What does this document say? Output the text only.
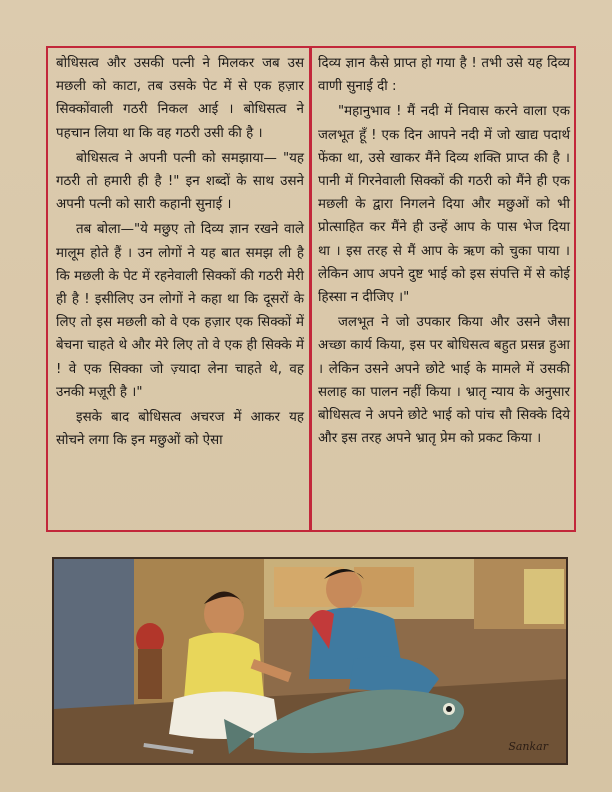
बोधिसत्व और उसकी पत्नी ने मिलकर जब उस मछली को काटा, तब उसके पेट में से एक हज़ार सिक्कोंवाली गठरी निकल आई । बोधिसत्व ने पहचान लिया था कि वह गठरी उसी की है ।

बोधिसत्व ने अपनी पत्नी को समझाया— "यह गठरी तो हमारी ही है !" इन शब्दों के साथ उसने अपनी पत्नी को सारी कहानी सुनाई ।

तब बोला—"ये मछुए तो दिव्य ज्ञान रखने वाले मालूम होते हैं । उन लोगों ने यह बात समझ ली है कि मछली के पेट में रहनेवाली सिक्कों की गठरी मेरी ही है ! इसीलिए उन लोगों ने कहा था कि दूसरों के लिए तो इस मछली को वे एक हज़ार एक सिक्कों में बेचना चाहते थे और मेरे लिए तो वे एक ही सिक्के में ! वे एक सिक्का जो ज़्यादा लेना चाहते थे, वह उनकी मज़ूरी है ।"

इसके बाद बोधिसत्व अचरज में आकर यह सोचने लगा कि इन मछुओं को ऐसा

दिव्य ज्ञान कैसे प्राप्त हो गया है ! तभी उसे यह दिव्य वाणी सुनाई दी :

"महानुभाव ! मैं नदी में निवास करने वाला एक जलभूत हूँ ! एक दिन आपने नदी में जो खाद्य पदार्थ फेंका था, उसे खाकर मैंने दिव्य शक्ति प्राप्त की है । पानी में गिरनेवाली सिक्कों की गठरी को मैंने ही एक मछली के द्वारा निगलने दिया और मछुओं को भी प्रोत्साहित कर मैंने ही उन्हें आप के पास भेज दिया था । इस तरह से मैं आप के ऋण को चुका पाया । लेकिन आप अपने दुष्ट भाई को इस संपत्ति में से कोई हिस्सा न दीजिए ।"

जलभूत ने जो उपकार किया और उसने जैसा अच्छा कार्य किया, इस पर बोधिसत्व बहुत प्रसन्न हुआ । लेकिन उसने अपने छोटे भाई के मामले में उसकी सलाह का पालन नहीं किया । भ्रातृ न्याय के अनुसार बोधिसत्व ने अपने छोटे भाई को पांच सौ सिक्के दिये और इस तरह अपने भ्रातृ प्रेम को प्रकट किया ।

Sankar
